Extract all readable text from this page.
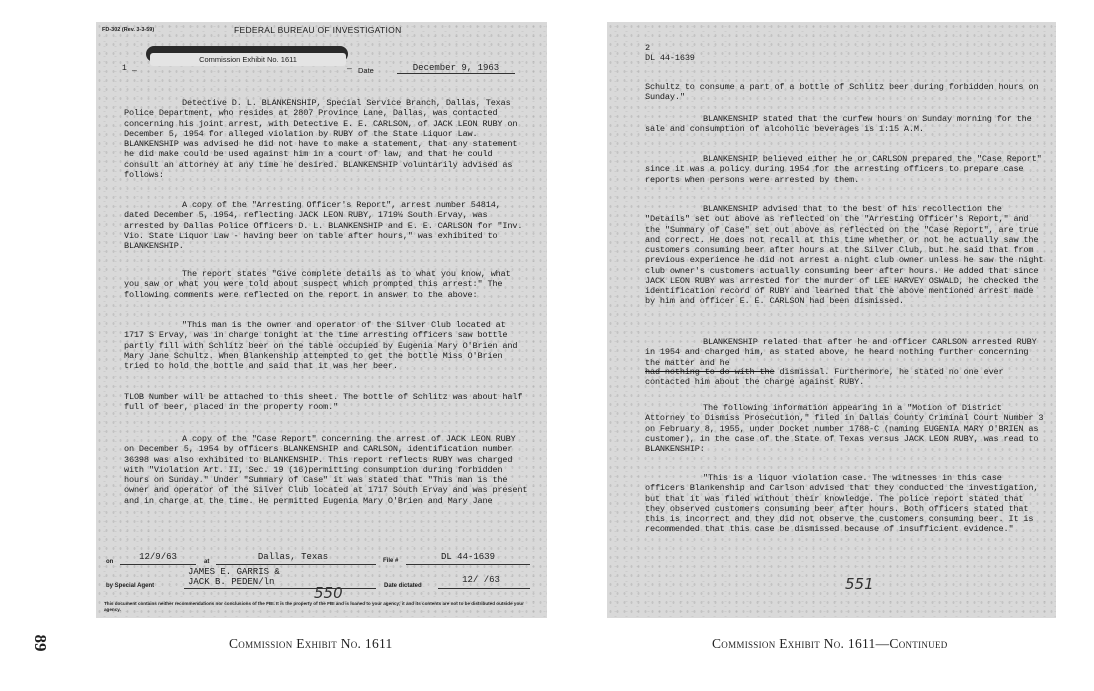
89
FD-302 (Rev. 3-3-59)	FEDERAL BUREAU OF INVESTIGATION
Commission Exhibit No. 1611
1 —	— Date	December 9, 1963

Detective D. L. BLANKENSHIP, Special Service Branch, Dallas, Texas Police Department, who resides at 2807 Province Lane, Dallas, was contacted concerning his joint arrest, with Detective E. E. CARLSON, of JACK LEON RUBY on December 5, 1954 for alleged violation by RUBY of the State Liquor Law. BLANKENSHIP was advised he did not have to make a statement, that any statement he did make could be used against him in a court of law, and that he could consult an attorney at any time he desired. BLANKENSHIP voluntarily advised as follows:

A copy of the "Arresting Officer's Report", arrest number 54814, dated December 5, 1954, reflecting JACK LEON RUBY, 1719½ South Ervay, was arrested by Dallas Police Officers D. L. BLANKENSHIP and E. E. CARLSON for "Inv. Vio. State Liquor Law - having beer on table after hours," was exhibited to BLANKENSHIP.

The report states "Give complete details as to what you know, what you saw or what you were told about suspect which prompted this arrest:" The following comments were reflected on the report in answer to the above:

"This man is the owner and operator of the Silver Club located at 1717 S Ervay, was in charge tonight at the time arresting officers saw bottle partly fill with Schlitz beer on the table occupied by Eugenia Mary O'Brien and Mary Jane Schultz. When Blankenship attempted to get the bottle Miss O'Brien tried to hold the bottle and said that it was her beer.

TLOB Number will be attached to this sheet. The bottle of Schlitz was about half full of beer, placed in the property room."

A copy of the "Case Report" concerning the arrest of JACK LEON RUBY on December 5, 1954 by officers BLANKENSHIP and CARLSON, identification number 36398 was also exhibited to BLANKENSHIP. This report reflects RUBY was charged with "Violation Art. II, Sec. 19 (16)permitting consumption during forbidden hours on Sunday." Under "Summary of Case" it was stated that "This man is the owner and operator of the Silver Club located at 1717 South Ervay and was present and in charge at the time. He permitted Eugenia Mary O'Brien and Mary Jane

on	12/9/63	at	Dallas, Texas	File #	DL 44-1639
JAMES E. GARRIS &
by Special Agent	JACK B. PEDEN/ln	Date dictated
12/ /63
550
This document contains neither recommendations nor conclusions of the FBI. It is the property of the FBI and is loaned to your agency; it and its contents are not to be distributed outside your agency.

2

DL 44-1639

Schultz to consume a part of a bottle of Schlitz beer during forbidden hours on Sunday."

BLANKENSHIP stated that the curfew hours on Sunday morning for the sale and consumption of alcoholic beverages is 1:15 A.M.

BLANKENSHIP believed either he or CARLSON prepared the "Case Report" since it was a policy during 1954 for the arresting officers to prepare case reports when persons were arrested by them.

BLANKENSHIP advised that to the best of his recollection the "Details" set out above as reflected on the "Arresting Officer's Report," and the "Summary of Case" set out above as reflected on the "Case Report", are true and correct. He does not recall at this time whether or not he actually saw the customers consuming beer after hours at the Silver Club, but he said that from previous experience he did not arrest a night club owner unless he saw the night club owner's customers actually consuming beer after hours. He added that since JACK LEON RUBY was arrested for the murder of LEE HARVEY OSWALD, he checked the identification record of RUBY and learned that the above mentioned arrest made by him and officer E. E. CARLSON had been dismissed.

BLANKENSHIP related that after he and officer CARLSON arrested RUBY in 1954 and charged him, as stated above, he heard nothing further concerning the matter and he

had nothing to do with the dismissal. Furthermore, he stated no one ever contacted him about the charge against RUBY.

The following information appearing in a "Motion of District Attorney to Dismiss Prosecution," filed in Dallas County Criminal Court Number 3 on February 8, 1955, under Docket number 1788-C (naming EUGENIA MARY O'BRIEN as customer), in the case of the State of Texas versus JACK LEON RUBY, was read to BLANKENSHIP:

"This is a liquor violation case. The witnesses in this case officers Blankenship and Carlson advised that they conducted the investigation, but that it was filed without their knowledge. The police report stated that they observed customers consuming beer after hours. Both officers stated that this is incorrect and they did not observe the customers consuming beer. It is recommended that this case be dismissed because of insufficient evidence."

551
Commission Exhibit No. 1611	Commission Exhibit No. 1611—Continued
